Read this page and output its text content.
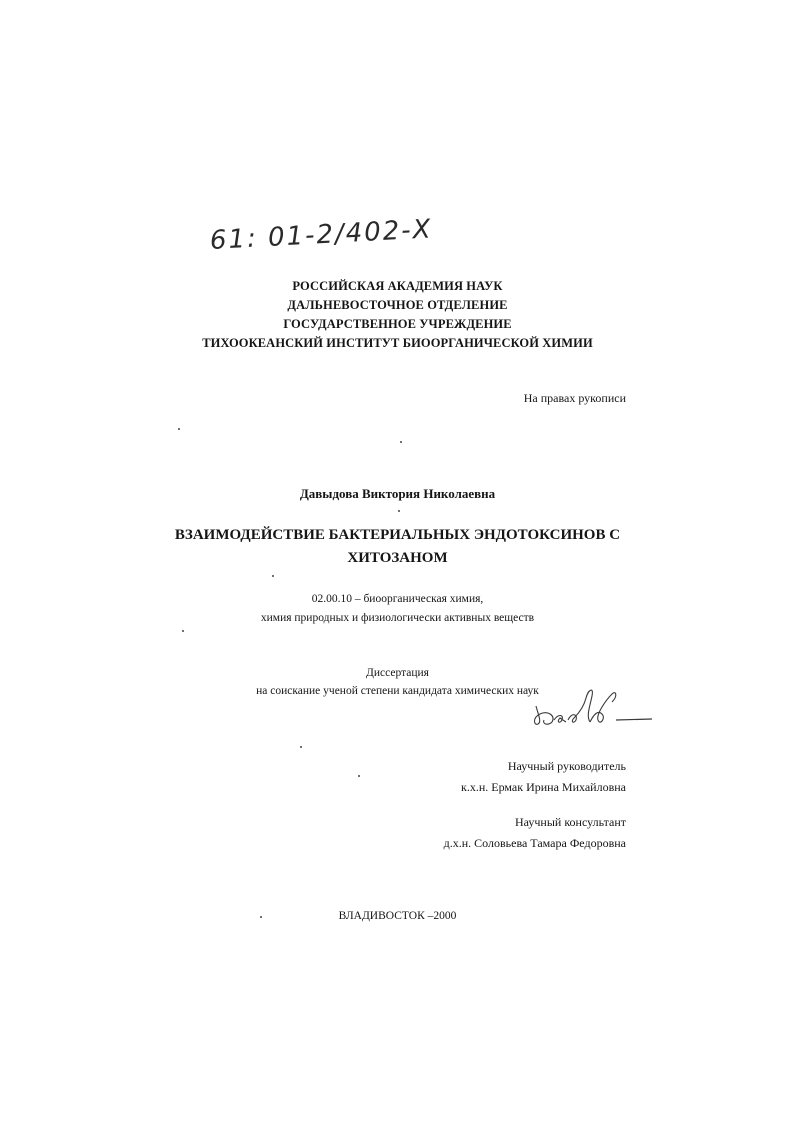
61: 01-2/402-Х
РОССИЙСКАЯ АКАДЕМИЯ НАУК
ДАЛЬНЕВОСТОЧНОЕ ОТДЕЛЕНИЕ
ГОСУДАРСТВЕННОЕ УЧРЕЖДЕНИЕ
ТИХООКЕАНСКИЙ ИНСТИТУТ БИООРГАНИЧЕСКОЙ ХИМИИ
На правах рукописи
Давыдова Виктория Николаевна
ВЗАИМОДЕЙСТВИЕ БАКТЕРИАЛЬНЫХ ЭНДОТОКСИНОВ С
ХИТОЗАНОМ
02.00.10 – биоорганическая химия,
химия природных и физиологически активных веществ
Диссертация
на соискание ученой степени кандидата химических наук
Научный руководитель
к.х.н. Ермак Ирина Михайловна
Научный консультант
д.х.н. Соловьева Тамара Федоровна
ВЛАДИВОСТОК –2000
